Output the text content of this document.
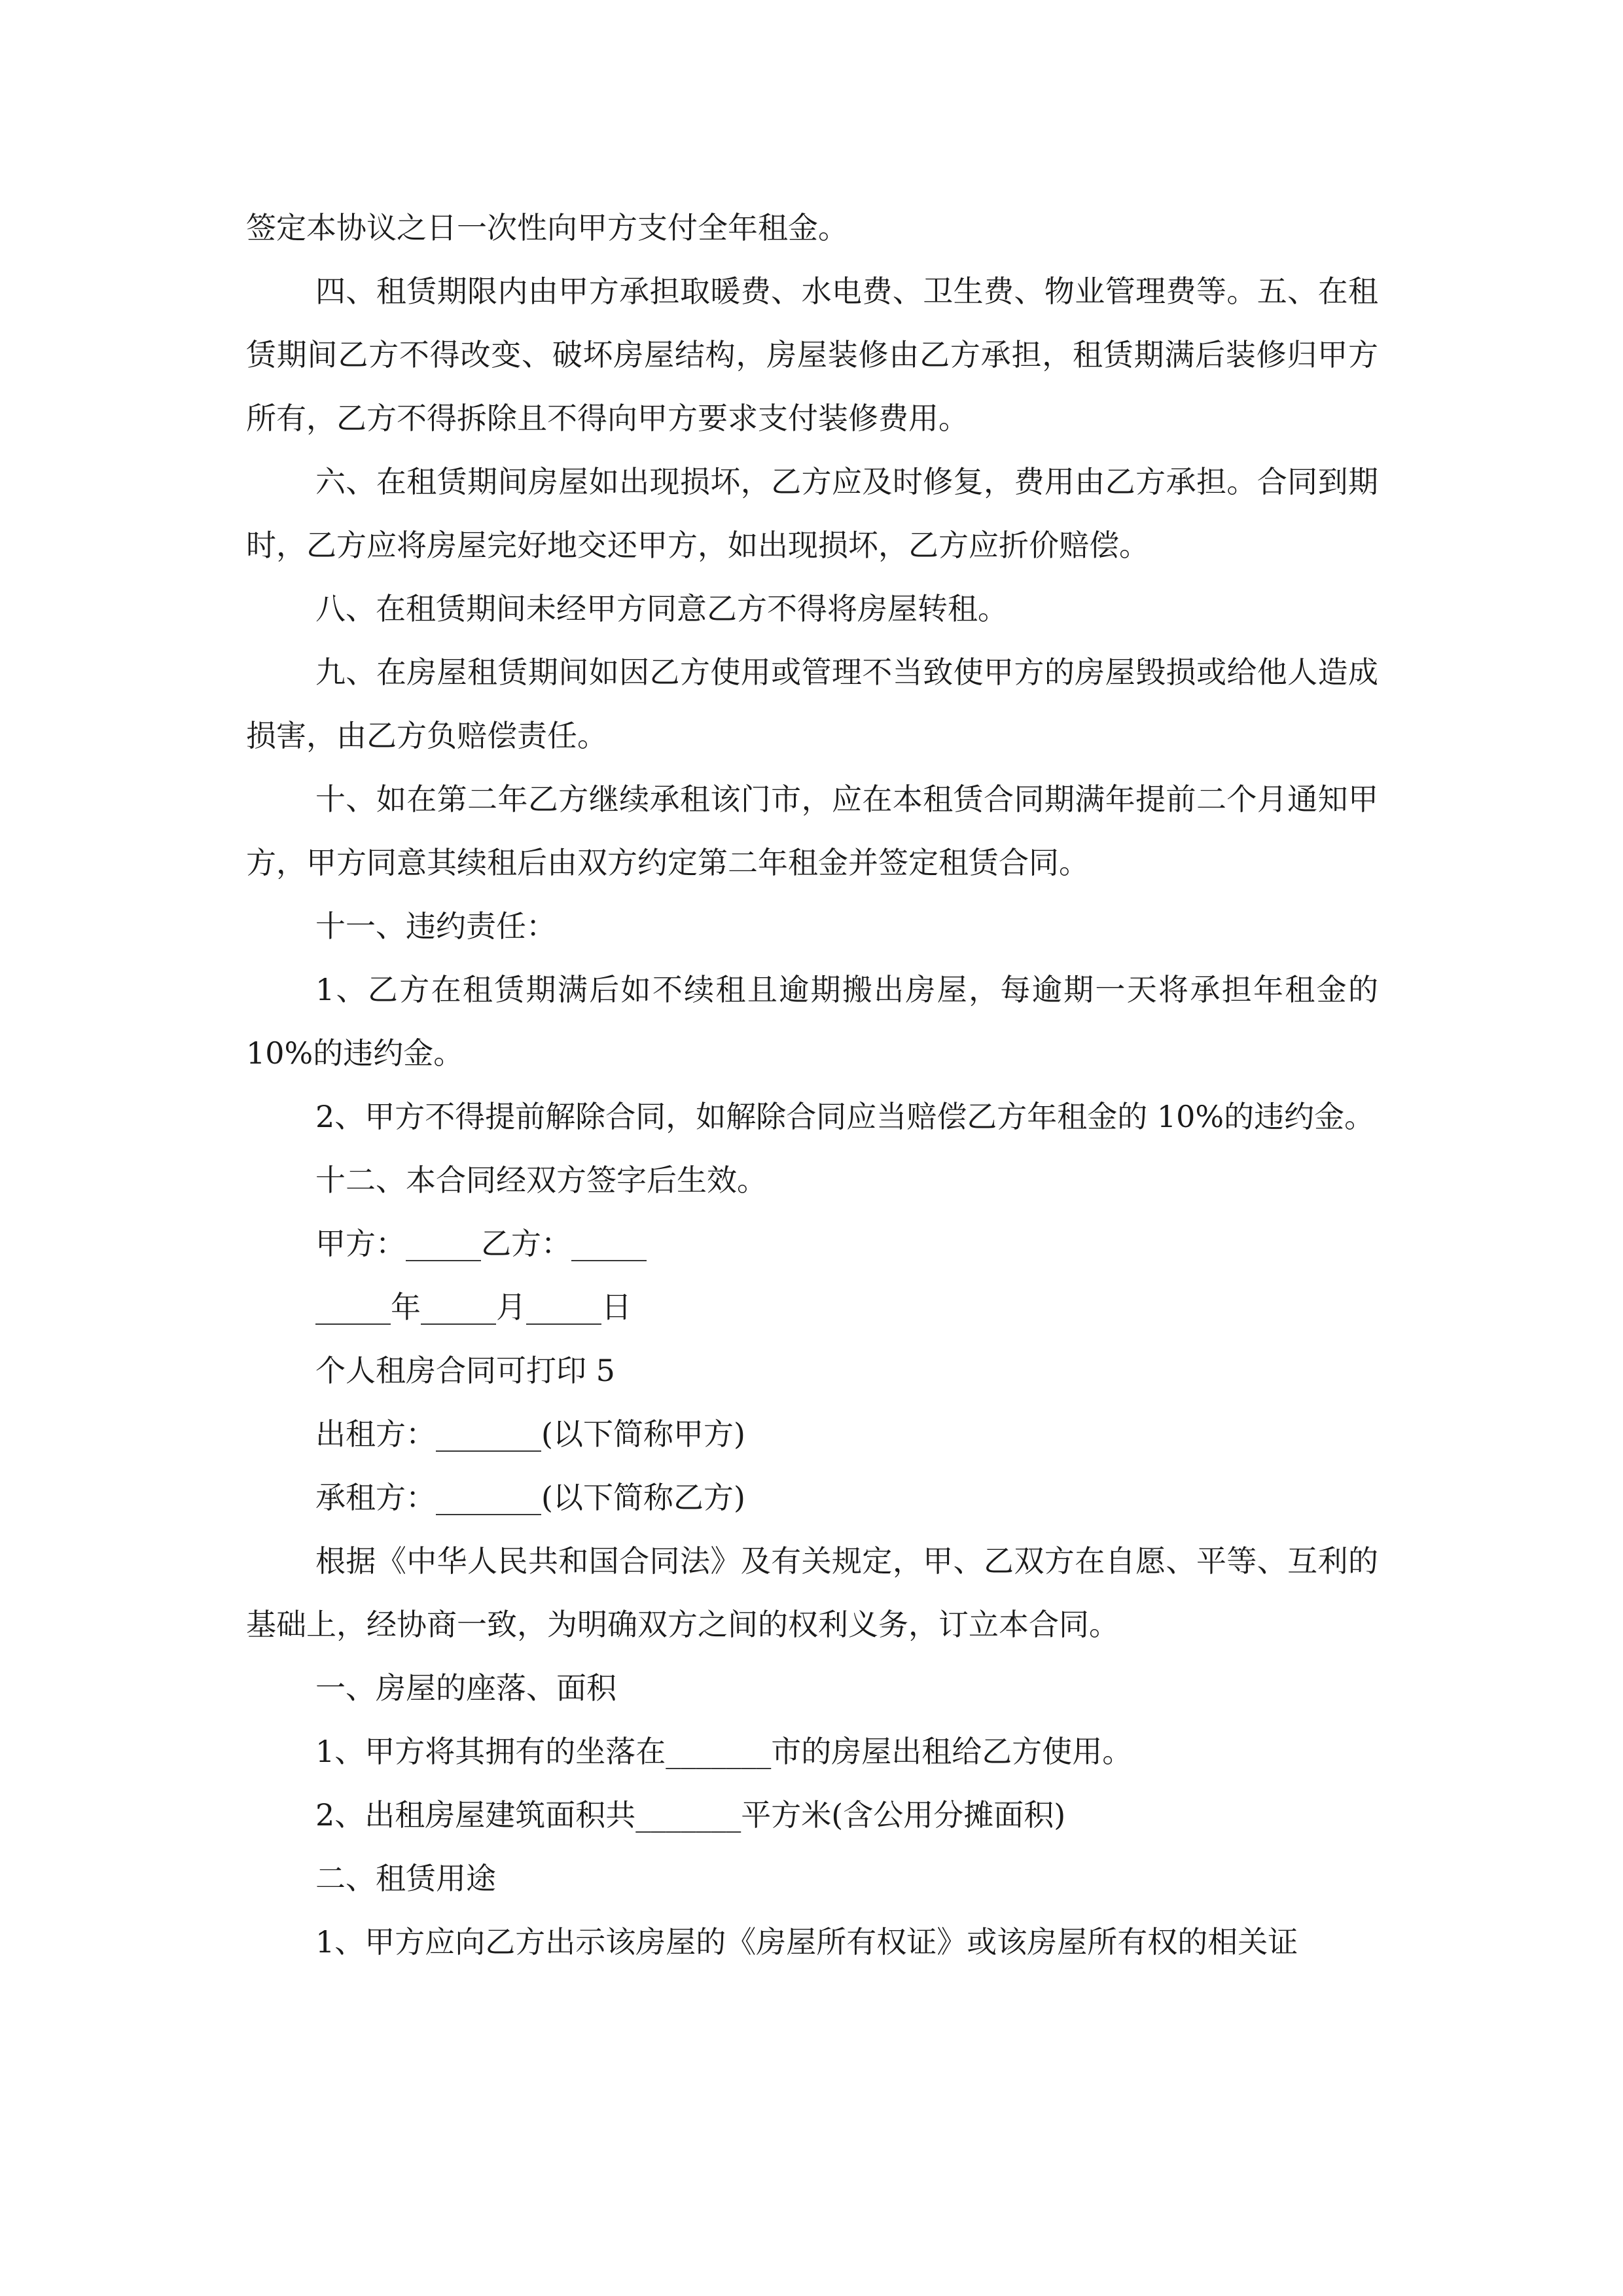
签定本协议之日一次性向甲方支付全年租金。

四、租赁期限内由甲方承担取暖费、水电费、卫生费、物业管理费等。五、在租赁期间乙方不得改变、破坏房屋结构，房屋装修由乙方承担，租赁期满后装修归甲方所有，乙方不得拆除且不得向甲方要求支付装修费用。

六、在租赁期间房屋如出现损坏，乙方应及时修复，费用由乙方承担。合同到期时，乙方应将房屋完好地交还甲方，如出现损坏，乙方应折价赔偿。

八、在租赁期间未经甲方同意乙方不得将房屋转租。

九、在房屋租赁期间如因乙方使用或管理不当致使甲方的房屋毁损或给他人造成损害，由乙方负赔偿责任。

十、如在第二年乙方继续承租该门市，应在本租赁合同期满年提前二个月通知甲方，甲方同意其续租后由双方约定第二年租金并签定租赁合同。

十一、违约责任：

1、乙方在租赁期满后如不续租且逾期搬出房屋，每逾期一天将承担年租金的 10%的违约金。

2、甲方不得提前解除合同，如解除合同应当赔偿乙方年租金的 10%的违约金。

十二、本合同经双方签字后生效。

甲方：_____乙方：_____

_____年_____月_____日

个人租房合同可打印 5

出租方：_______(以下简称甲方)

承租方：_______(以下简称乙方)

根据《中华人民共和国合同法》及有关规定，甲、乙双方在自愿、平等、互利的基础上，经协商一致，为明确双方之间的权利义务，订立本合同。

一、房屋的座落、面积

1、甲方将其拥有的坐落在_______市的房屋出租给乙方使用。

2、出租房屋建筑面积共_______平方米(含公用分摊面积)

二、租赁用途

1、甲方应向乙方出示该房屋的《房屋所有权证》或该房屋所有权的相关证
